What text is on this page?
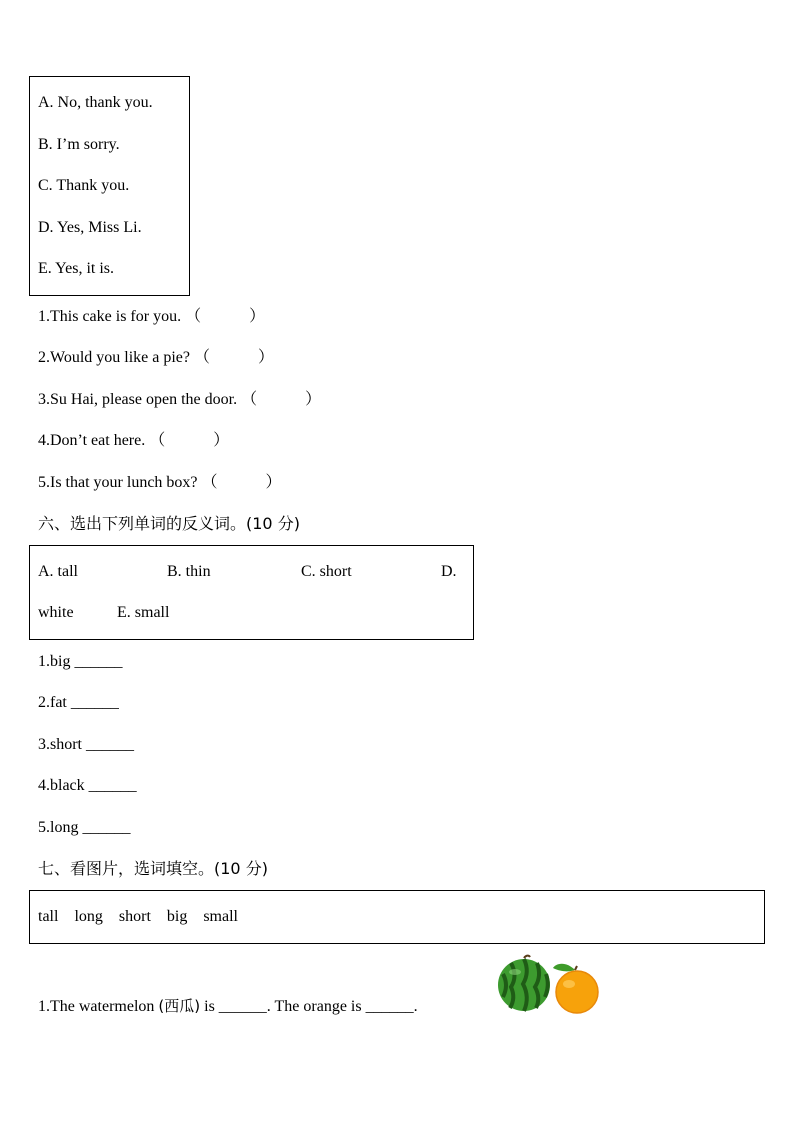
A. No, thank you.
B. I’m sorry.
C. Thank you.
D. Yes, Miss Li.
E. Yes, it is.
1.This cake is for you. （　　　）
2.Would you like a pie? （　　　）
3.Su Hai, please open the door. （　　　）
4.Don’t eat here. （　　　）
5.Is that your lunch box? （　　　）
六、选出下列单词的反义词。(10 分)
A. tall	B. thin	C. short	D.
white	E. small
1.big ______
2.fat ______
3.short ______
4.black ______
5.long ______
七、看图片，选词填空。(10 分)
tall    long    short    big    small
1.The watermelon (西瓜) is ______. The orange is ______.
